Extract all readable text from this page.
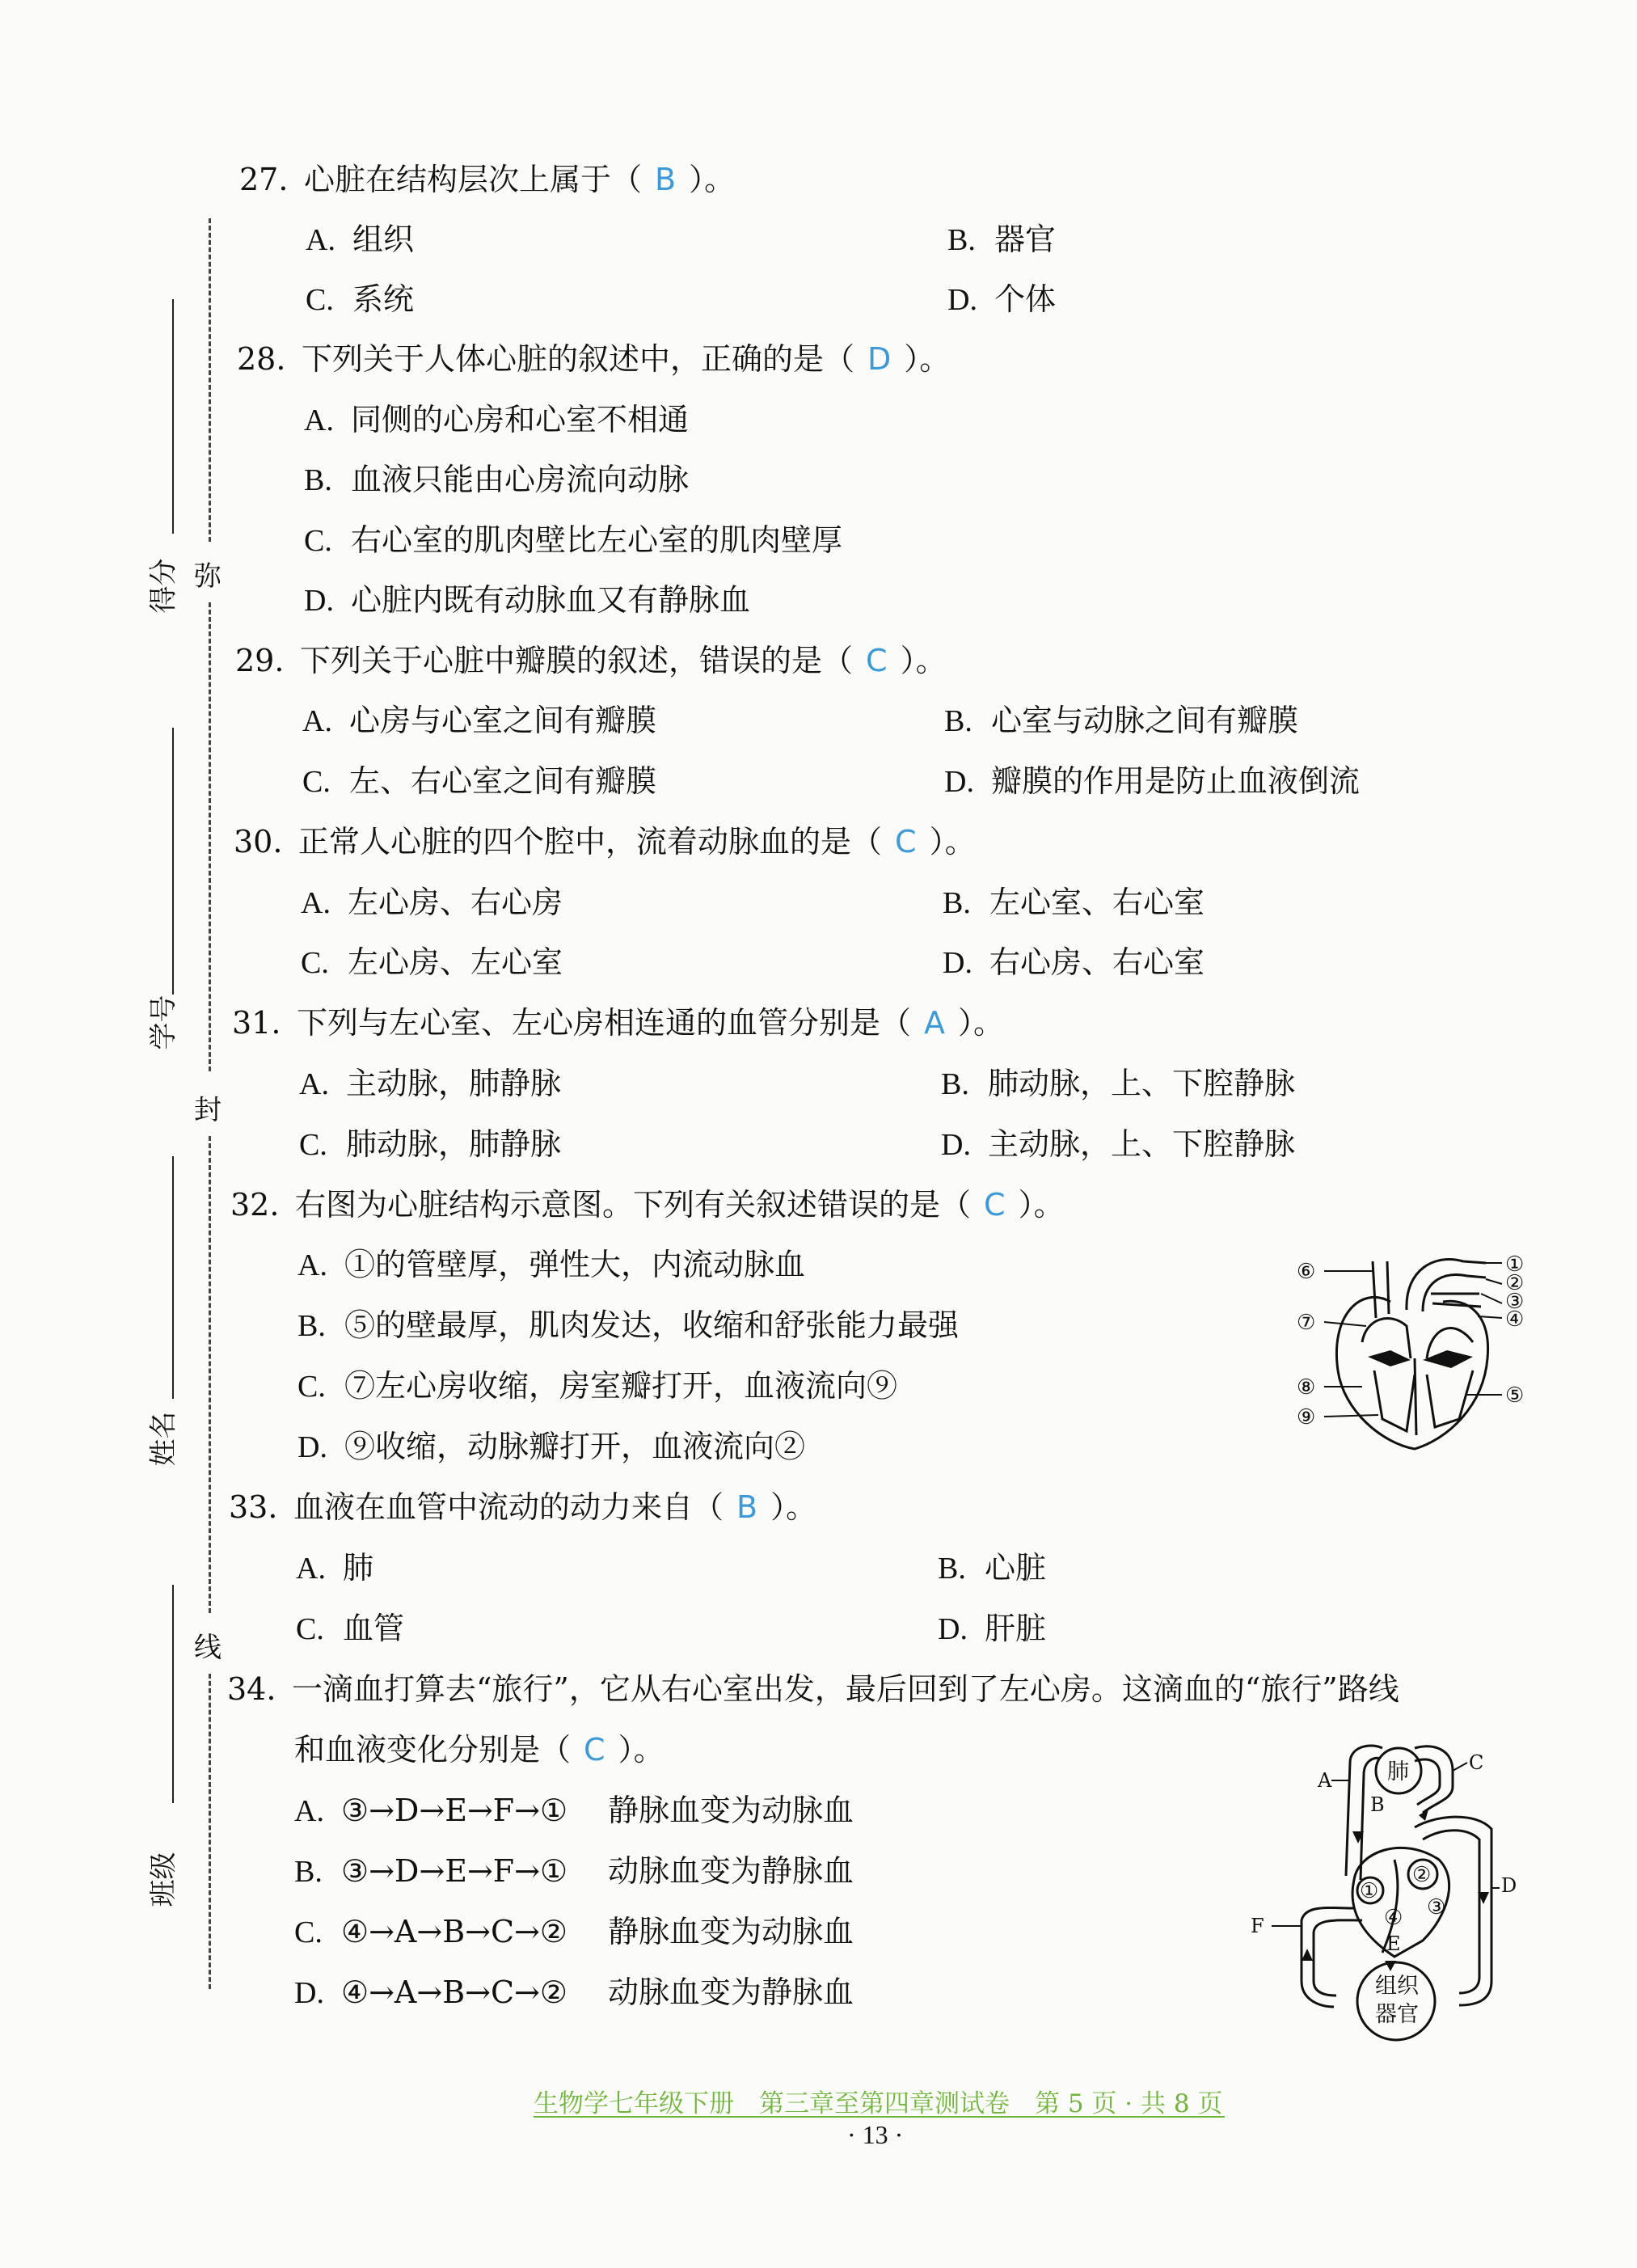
得分
学号
姓名
班级
弥
封
线
27. 心脏在结构层次上属于（ B ）。
A. 组织	B. 器官
C. 系统	D. 个体
28. 下列关于人体心脏的叙述中，正确的是（ D ）。
A. 同侧的心房和心室不相通
B. 血液只能由心房流向动脉
C. 右心室的肌肉壁比左心室的肌肉壁厚
D. 心脏内既有动脉血又有静脉血
29. 下列关于心脏中瓣膜的叙述，错误的是（ C ）。
A. 心房与心室之间有瓣膜	B. 心室与动脉之间有瓣膜
C. 左、右心室之间有瓣膜	D. 瓣膜的作用是防止血液倒流
30. 正常人心脏的四个腔中，流着动脉血的是（ C ）。
A. 左心房、右心房	B. 左心室、右心室
C. 左心房、左心室	D. 右心房、右心室
31. 下列与左心室、左心房相连通的血管分别是（ A ）。
A. 主动脉，肺静脉	B. 肺动脉，上、下腔静脉
C. 肺动脉，肺静脉	D. 主动脉，上、下腔静脉
32. 右图为心脏结构示意图。下列有关叙述错误的是（ C ）。
A. ①的管壁厚，弹性大，内流动脉血
B. ⑤的壁最厚，肌肉发达，收缩和舒张能力最强
C. ⑦左心房收缩，房室瓣打开，血液流向⑨
D. ⑨收缩，动脉瓣打开，血液流向②
①
②
③
④
⑤
⑥
⑦
⑧
⑨
33. 血液在血管中流动的动力来自（ B ）。
A. 肺	B. 心脏
C. 血管	D. 肝脏
34. 一滴血打算去“旅行”，它从右心室出发，最后回到了左心房。这滴血的“旅行”路线
和血液变化分别是（ C ）。
A. ③→D→E→F→① 静脉血变为动脉血
B. ③→D→E→F→① 动脉血变为静脉血
C. ④→A→B→C→② 静脉血变为动脉血
D. ④→A→B→C→② 动脉血变为静脉血
肺
组织
器官
A
B
C
D
E
F
①
②
③
④
生物学七年级下册　第三章至第四章测试卷　第 5 页 · 共 8 页
· 13 ·
